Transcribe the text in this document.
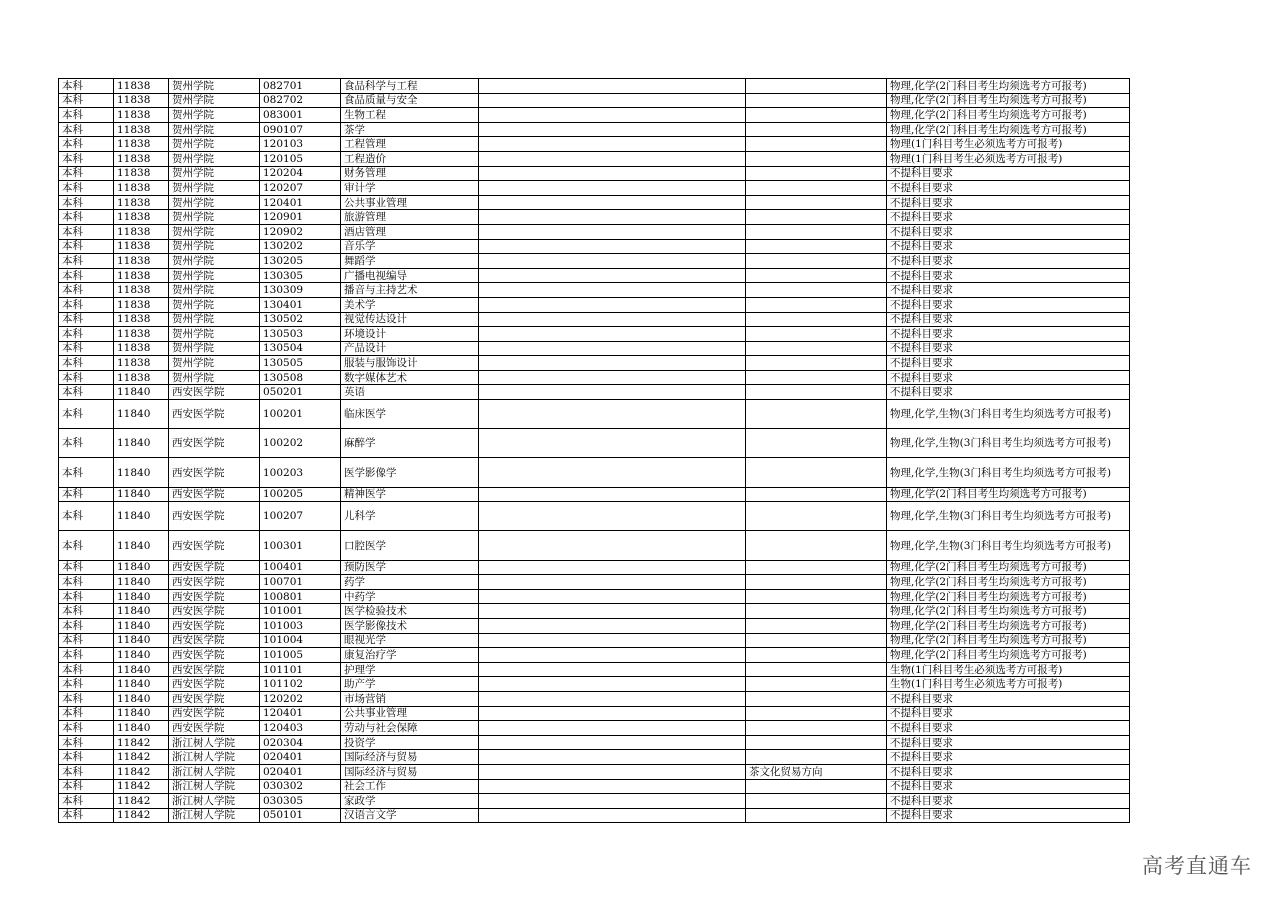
本科	11838	贺州学院	082701	食品科学与工程			物理,化学(2门科目考生均须选考方可报考)
本科	11838	贺州学院	082702	食品质量与安全			物理,化学(2门科目考生均须选考方可报考)
本科	11838	贺州学院	083001	生物工程			物理,化学(2门科目考生均须选考方可报考)
本科	11838	贺州学院	090107	茶学			物理,化学(2门科目考生均须选考方可报考)
本科	11838	贺州学院	120103	工程管理			物理(1门科目考生必须选考方可报考)
本科	11838	贺州学院	120105	工程造价			物理(1门科目考生必须选考方可报考)
本科	11838	贺州学院	120204	财务管理			不提科目要求
本科	11838	贺州学院	120207	审计学			不提科目要求
本科	11838	贺州学院	120401	公共事业管理			不提科目要求
本科	11838	贺州学院	120901	旅游管理			不提科目要求
本科	11838	贺州学院	120902	酒店管理			不提科目要求
本科	11838	贺州学院	130202	音乐学			不提科目要求
本科	11838	贺州学院	130205	舞蹈学			不提科目要求
本科	11838	贺州学院	130305	广播电视编导			不提科目要求
本科	11838	贺州学院	130309	播音与主持艺术			不提科目要求
本科	11838	贺州学院	130401	美术学			不提科目要求
本科	11838	贺州学院	130502	视觉传达设计			不提科目要求
本科	11838	贺州学院	130503	环境设计			不提科目要求
本科	11838	贺州学院	130504	产品设计			不提科目要求
本科	11838	贺州学院	130505	服装与服饰设计			不提科目要求
本科	11838	贺州学院	130508	数字媒体艺术			不提科目要求
本科	11840	西安医学院	050201	英语			不提科目要求
本科	11840	西安医学院	100201	临床医学			物理,化学,生物(3门科目考生均须选考方可报考)
本科	11840	西安医学院	100202	麻醉学			物理,化学,生物(3门科目考生均须选考方可报考)
本科	11840	西安医学院	100203	医学影像学			物理,化学,生物(3门科目考生均须选考方可报考)
本科	11840	西安医学院	100205	精神医学			物理,化学(2门科目考生均须选考方可报考)
本科	11840	西安医学院	100207	儿科学			物理,化学,生物(3门科目考生均须选考方可报考)
本科	11840	西安医学院	100301	口腔医学			物理,化学,生物(3门科目考生均须选考方可报考)
本科	11840	西安医学院	100401	预防医学			物理,化学(2门科目考生均须选考方可报考)
本科	11840	西安医学院	100701	药学			物理,化学(2门科目考生均须选考方可报考)
本科	11840	西安医学院	100801	中药学			物理,化学(2门科目考生均须选考方可报考)
本科	11840	西安医学院	101001	医学检验技术			物理,化学(2门科目考生均须选考方可报考)
本科	11840	西安医学院	101003	医学影像技术			物理,化学(2门科目考生均须选考方可报考)
本科	11840	西安医学院	101004	眼视光学			物理,化学(2门科目考生均须选考方可报考)
本科	11840	西安医学院	101005	康复治疗学			物理,化学(2门科目考生均须选考方可报考)
本科	11840	西安医学院	101101	护理学			生物(1门科目考生必须选考方可报考)
本科	11840	西安医学院	101102	助产学			生物(1门科目考生必须选考方可报考)
本科	11840	西安医学院	120202	市场营销			不提科目要求
本科	11840	西安医学院	120401	公共事业管理			不提科目要求
本科	11840	西安医学院	120403	劳动与社会保障			不提科目要求
本科	11842	浙江树人学院	020304	投资学			不提科目要求
本科	11842	浙江树人学院	020401	国际经济与贸易			不提科目要求
本科	11842	浙江树人学院	020401	国际经济与贸易		茶文化贸易方向	不提科目要求
本科	11842	浙江树人学院	030302	社会工作			不提科目要求
本科	11842	浙江树人学院	030305	家政学			不提科目要求
本科	11842	浙江树人学院	050101	汉语言文学			不提科目要求
高考直通车
